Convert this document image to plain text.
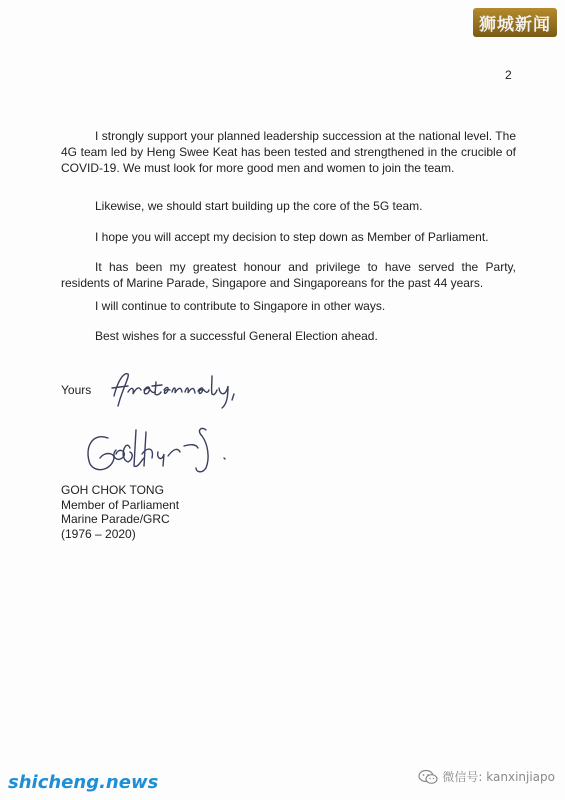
狮城新闻
2

I strongly support your planned leadership succession at the national level. The 4G team led by Heng Swee Keat has been tested and strengthened in the crucible of COVID-19. We must look for more good men and women to join the team.

Likewise, we should start building up the core of the 5G team.

I hope you will accept my decision to step down as Member of Parliament.

It has been my greatest honour and privilege to have served the Party, residents of Marine Parade, Singapore and Singaporeans for the past 44 years.

I will continue to contribute to Singapore in other ways.

Best wishes for a successful General Election ahead.

Yours
GOH CHOK TONG
Member of Parliament
Marine Parade/GRC
(1976 – 2020)
shicheng.news	微信号: kanxinjiapo
